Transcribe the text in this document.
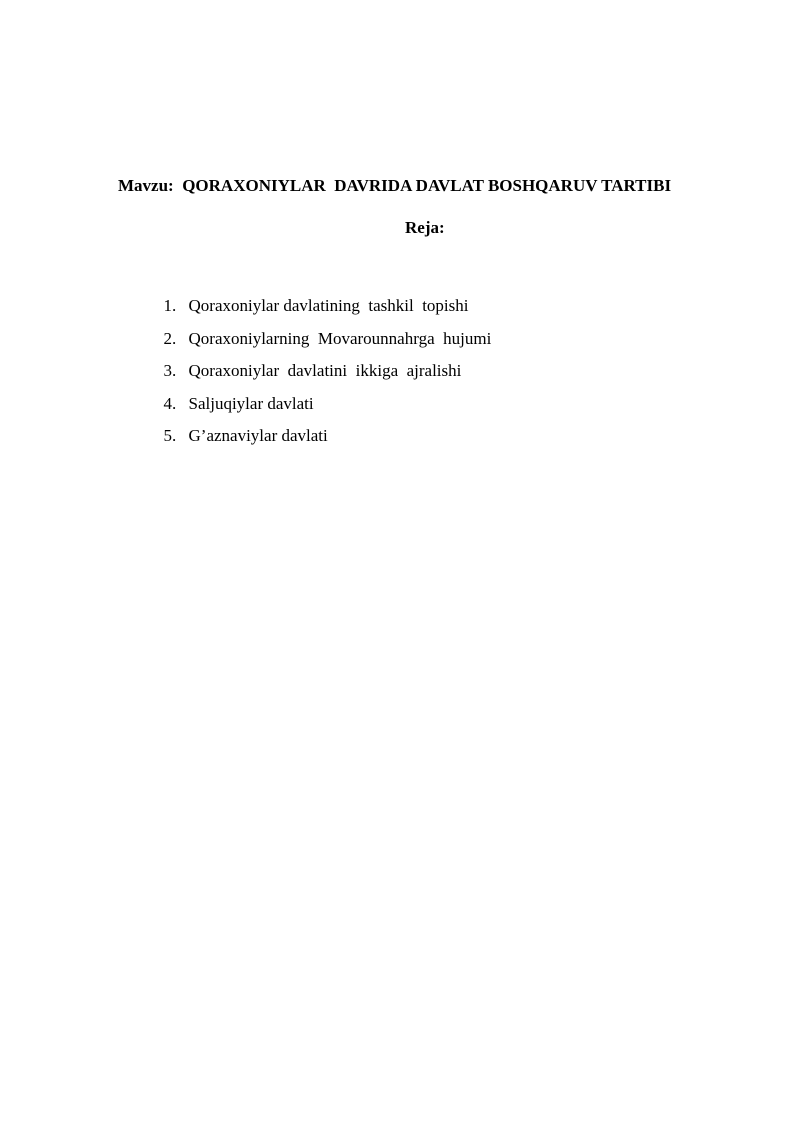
Mavzu:  QORAXONIYLAR  DAVRIDA DAVLAT BOSHQARUV TARTIBI
Reja:

1. Qoraxoniylar davlatining  tashkil  topishi

2. Qoraxoniylarning  Movarounnahrga  hujumi

3. Qoraxoniylar  davlatini  ikkiga  ajralishi

4. Saljuqiylar davlati

5. G’aznaviylar davlati
